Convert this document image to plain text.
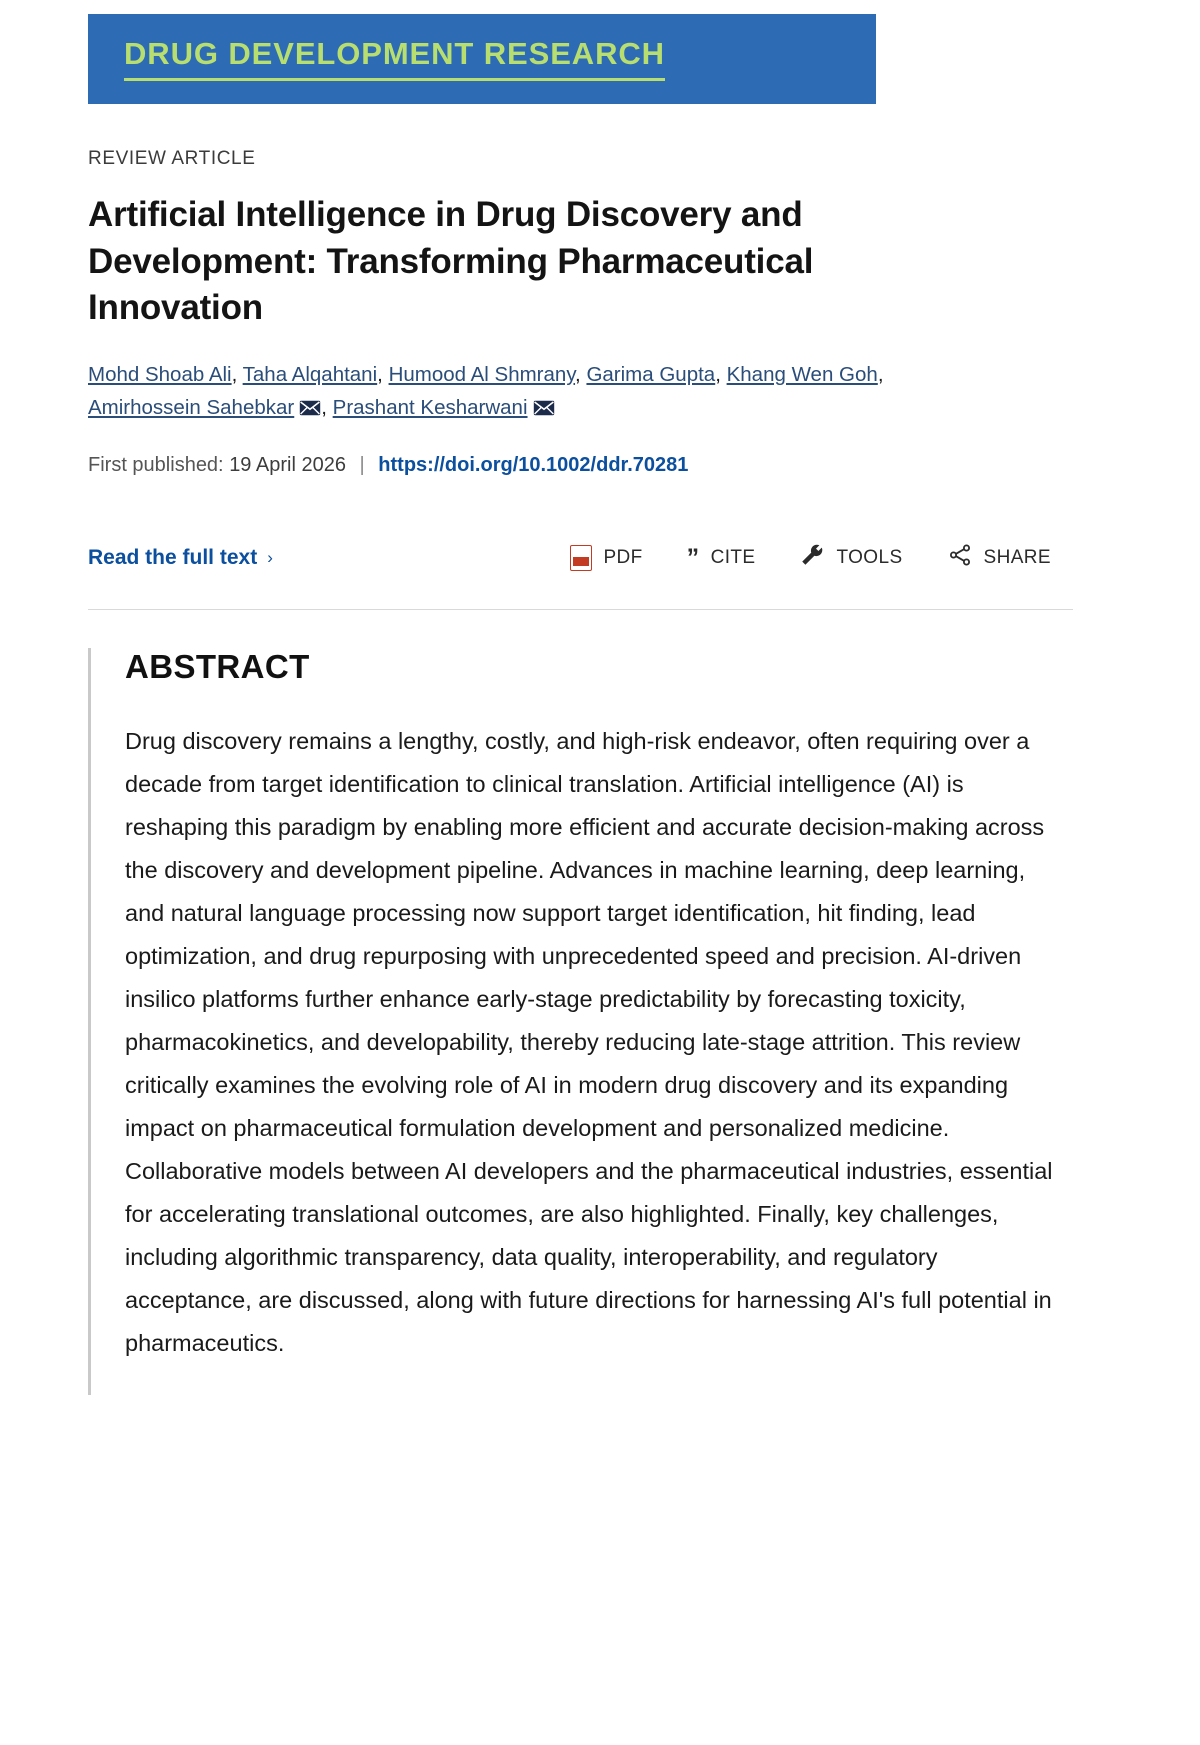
DRUG DEVELOPMENT RESEARCH
REVIEW ARTICLE
Artificial Intelligence in Drug Discovery and Development: Transforming Pharmaceutical Innovation
Mohd Shoab Ali, Taha Alqahtani, Humood Al Shmrany, Garima Gupta, Khang Wen Goh, Amirhossein Sahebkar , Prashant Kesharwani
First published: 19 April 2026 | https://doi.org/10.1002/ddr.70281
Read the full text ›	PDF ” CITE	TOOLS	SHARE
ABSTRACT
Drug discovery remains a lengthy, costly, and high-risk endeavor, often requiring over a decade from target identification to clinical translation. Artificial intelligence (AI) is reshaping this paradigm by enabling more efficient and accurate decision-making across the discovery and development pipeline. Advances in machine learning, deep learning, and natural language processing now support target identification, hit finding, lead optimization, and drug repurposing with unprecedented speed and precision. AI-driven insilico platforms further enhance early-stage predictability by forecasting toxicity, pharmacokinetics, and developability, thereby reducing late-stage attrition. This review critically examines the evolving role of AI in modern drug discovery and its expanding impact on pharmaceutical formulation development and personalized medicine. Collaborative models between AI developers and the pharmaceutical industries, essential for accelerating translational outcomes, are also highlighted. Finally, key challenges, including algorithmic transparency, data quality, interoperability, and regulatory acceptance, are discussed, along with future directions for harnessing AI's full potential in pharmaceutics.
